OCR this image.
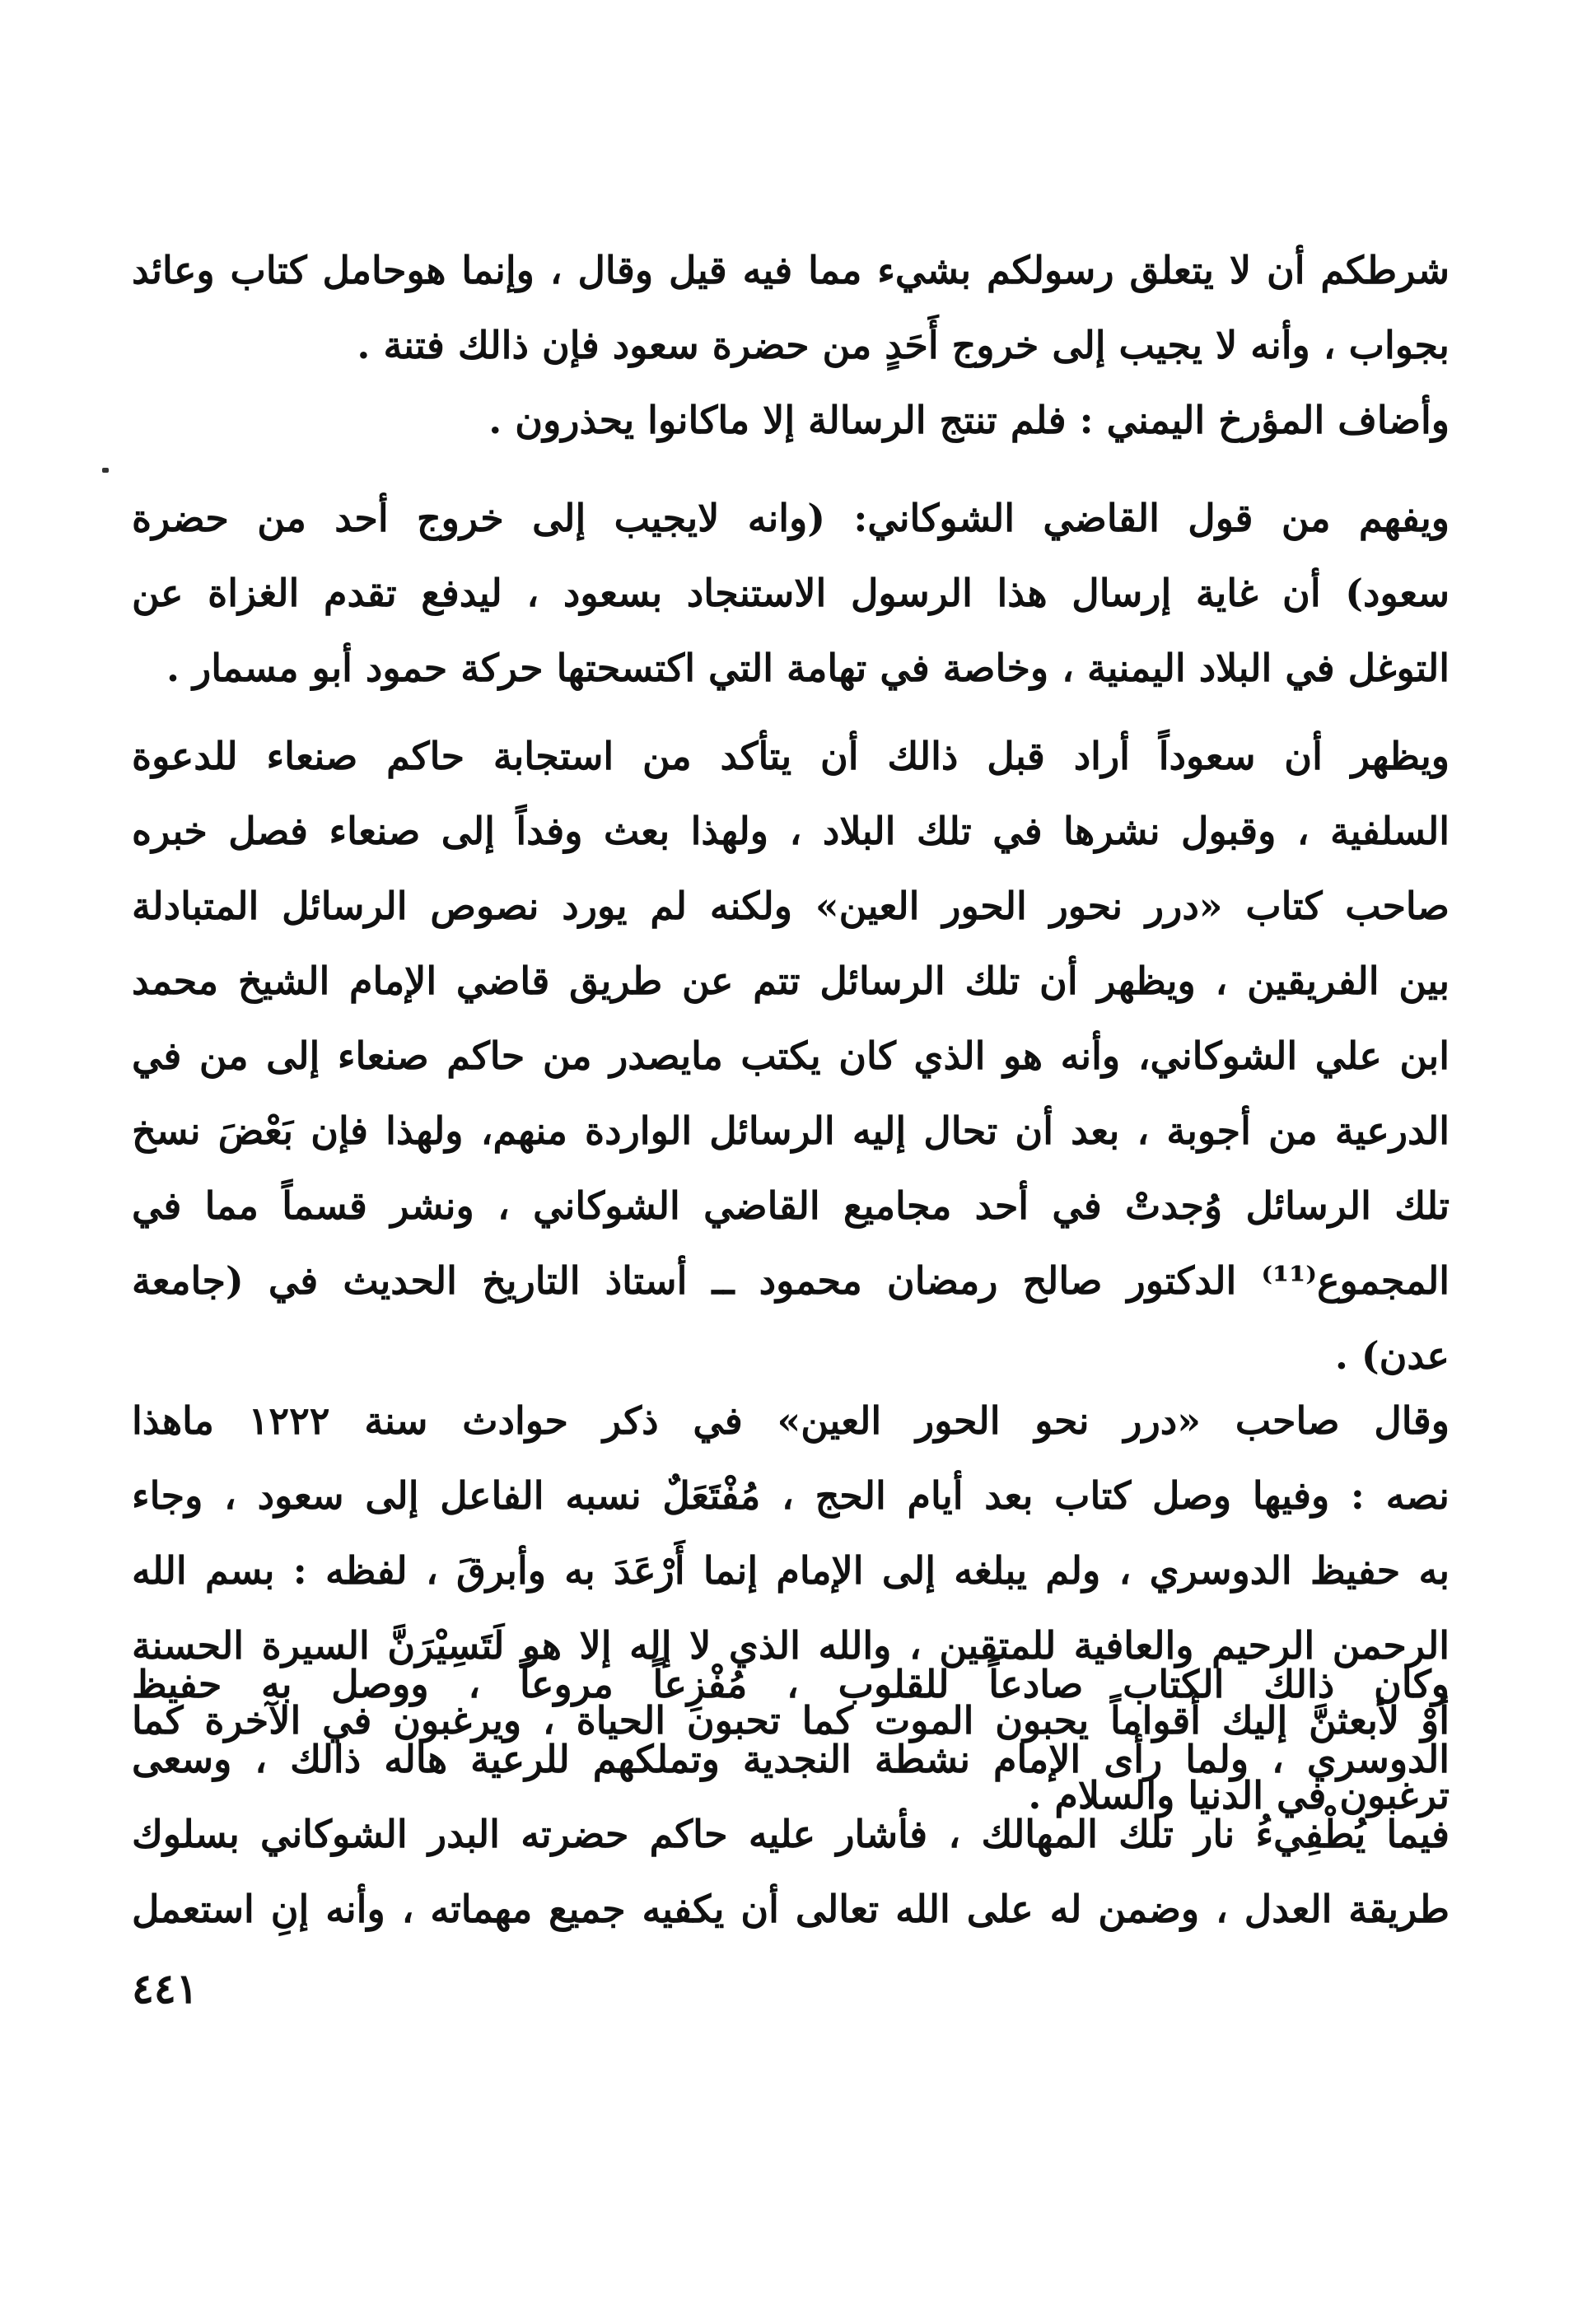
شرطكم أن لا يتعلق رسولكم بشيء مما فيه قيل وقال ، وإنما هوحامل كتاب وعائد
بجواب ، وأنه لا يجيب إلى خروج أَحَدٍ من حضرة سعود فإن ذالك فتنة .
وأضاف المؤرخ اليمني : فلم تنتج الرسالة إلا ماكانوا يحذرون .
ويفهم من قول القاضي الشوكاني: (وانه لايجيب إلى خروج أحد من حضرة
سعود) أن غاية إرسال هذا الرسول الاستنجاد بسعود ، ليدفع تقدم الغزاة عن
التوغل في البلاد اليمنية ، وخاصة في تهامة التي اكتسحتها حركة حمود أبو مسمار .
ويظهر أن سعوداً أراد قبل ذالك أن يتأكد من استجابة حاكم صنعاء للدعوة
السلفية ، وقبول نشرها في تلك البلاد ، ولهذا بعث وفداً إلى صنعاء فصل خبره
صاحب كتاب «درر نحور الحور العين» ولكنه لم يورد نصوص الرسائل المتبادلة
بين الفريقين ، ويظهر أن تلك الرسائل تتم عن طريق قاضي الإمام الشيخ محمد
ابن علي الشوكاني، وأنه هو الذي كان يكتب مايصدر من حاكم صنعاء إلى من في
الدرعية من أجوبة ، بعد أن تحال إليه الرسائل الواردة منهم، ولهذا فإن بَعْضَ نسخ
تلك الرسائل وُجدتْ في أحد مجاميع القاضي الشوكاني ، ونشر قسماً مما في
المجموع⁽¹¹⁾ الدكتور صالح رمضان محمود ــ أستاذ التاريخ الحديث في (جامعة
عدن) .
وقال صاحب «درر نحو الحور العين» في ذكر حوادث سنة ١٢٢٢ ماهذا
نصه : وفيها وصل كتاب بعد أيام الحج ، مُفْتَعَلٌ نسبه الفاعل إلى سعود ، وجاء
به حفيظ الدوسري ، ولم يبلغه إلى الإمام إنما أَرْعَدَ به وأبرقَ ، لفظه : بسم الله
الرحمن الرحيم والعافية للمتقين ، والله الذي لا إله إلا هو لَتَسِيْرَنَّ السيرة الحسنة
أوْ لأبعثنَّ إليك أقواماً يحبون الموت كما تحبون الحياة ، ويرغبون في الآخرة كما
ترغبون في الدنيا والسلام .
وكان ذالك الكتاب صادعاً للقلوب ، مُفْزِعاً مروعاً ، ووصل به حفيظ
الدوسري ، ولما رأى الإمام نشطة النجدية وتملكهم للرعية هاله ذالك ، وسعى
فيما يُطْفِيءُ نار تلك المهالك ، فأشار عليه حاكم حضرته البدر الشوكاني بسلوك
طريقة العدل ، وضمن له على الله تعالى أن يكفيه جميع مهماته ، وأنه إنِ استعمل
٤٤١
